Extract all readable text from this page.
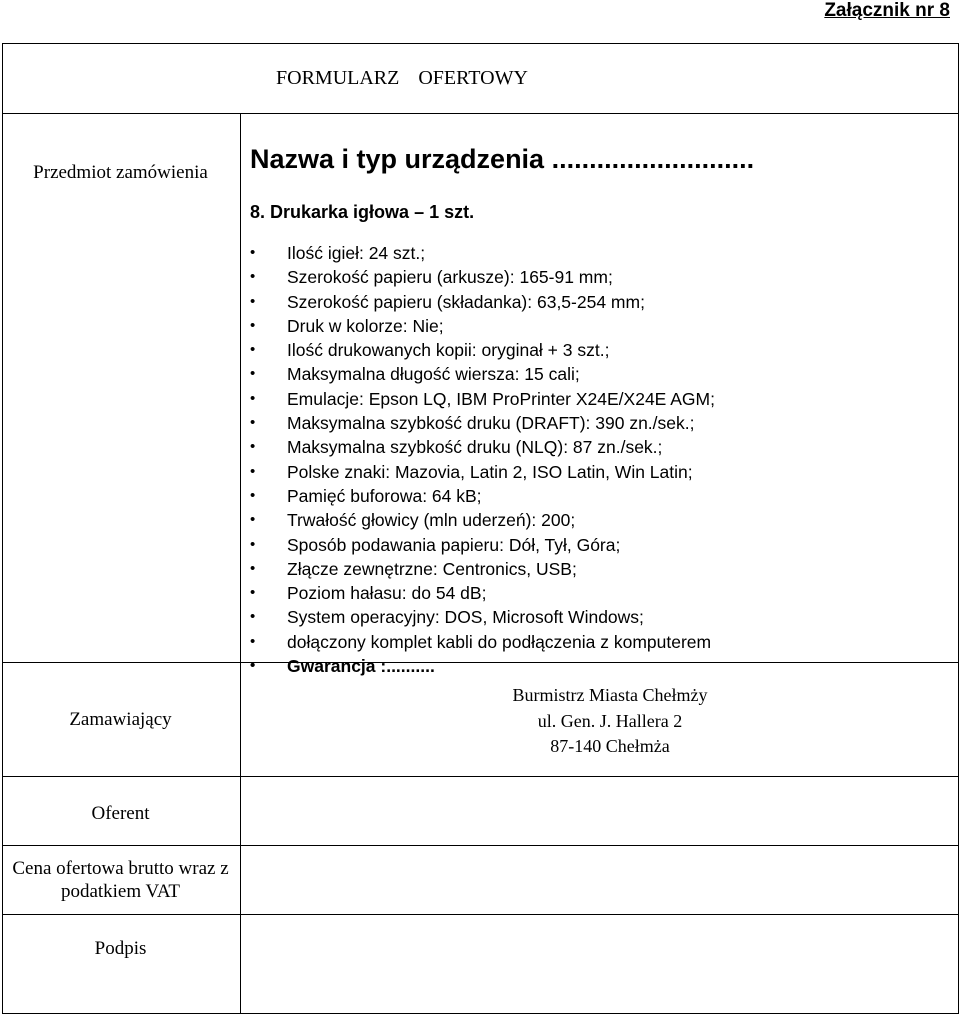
Załącznik nr 8
FORMULARZ OFERTOWY
Przedmiot zamówienia	Nazwa i typ urządzenia ...........................
8. Drukarka igłowa – 1 szt.
• Ilość igieł: 24 szt.;
• Szerokość papieru (arkusze): 165-91 mm;
• Szerokość papieru (składanka): 63,5-254 mm;
• Druk w kolorze: Nie;
• Ilość drukowanych kopii: oryginał + 3 szt.;
• Maksymalna długość wiersza: 15 cali;
• Emulacje: Epson LQ, IBM ProPrinter X24E/X24E AGM;
• Maksymalna szybkość druku (DRAFT): 390 zn./sek.;
• Maksymalna szybkość druku (NLQ): 87 zn./sek.;
• Polske znaki: Mazovia, Latin 2, ISO Latin, Win Latin;
• Pamięć buforowa: 64 kB;
• Trwałość głowicy (mln uderzeń): 200;
• Sposób podawania papieru: Dół, Tył, Góra;
• Złącze zewnętrzne: Centronics, USB;
• Poziom hałasu: do 54 dB;
• System operacyjny: DOS, Microsoft Windows;
• dołączony komplet kabli do podłączenia z komputerem
• Gwarancja :..........
Zamawiający
Burmistrz Miasta Chełmży
ul. Gen. J. Hallera 2
87-140 Chełmża
Oferent
Cena ofertowa brutto wraz z podatkiem VAT
Podpis
